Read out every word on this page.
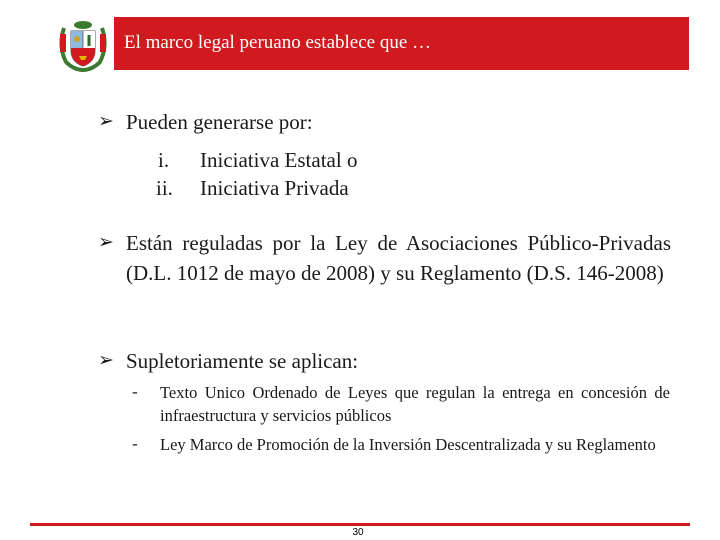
El marco legal peruano establece que …
➢ Pueden generarse por:
i. Iniciativa Estatal o
ii. Iniciativa Privada
➢ Están reguladas por la Ley de Asociaciones Público-Privadas (D.L. 1012 de mayo de 2008) y su Reglamento (D.S. 146-2008)
➢ Supletoriamente se aplican:
- Texto Unico Ordenado de Leyes que regulan la entrega en concesión de infraestructura y servicios públicos
- Ley Marco de Promoción de la Inversión Descentralizada y su Reglamento
30
